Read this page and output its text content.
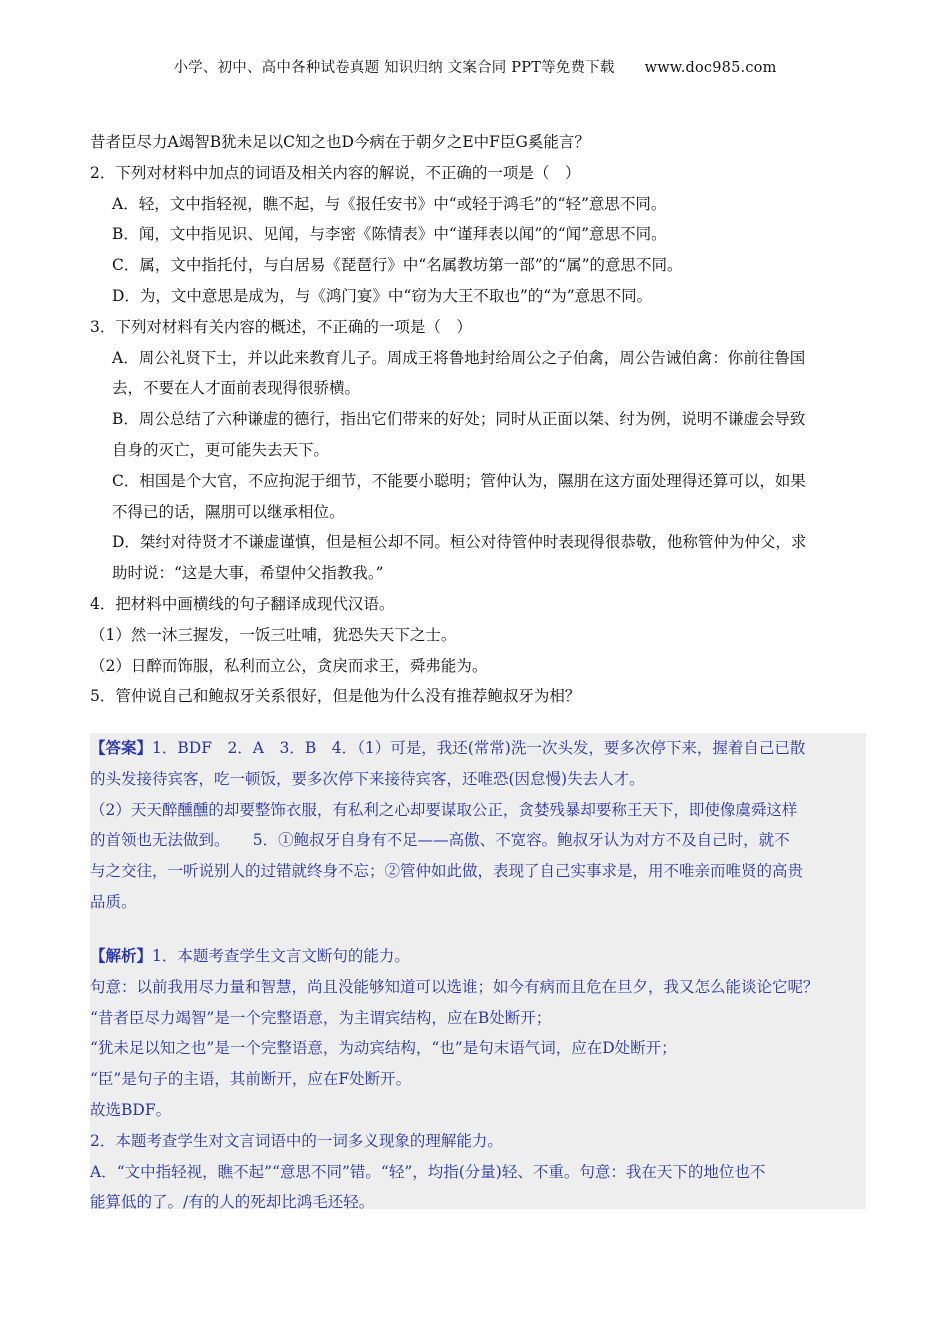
小学、初中、高中各种试卷真题 知识归纳 文案合同 PPT等免费下载 www.doc985.com
昔者臣尽力A竭智B犹未足以C知之也D今病在于朝夕之E中F臣G奚能言？
2．下列对材料中加点的词语及相关内容的解说，不正确的一项是（　）
A．轻，文中指轻视，瞧不起，与《报任安书》中“或轻于鸿毛”的“轻”意思不同。
B．闻，文中指见识、见闻，与李密《陈情表》中“谨拜表以闻”的“闻”意思不同。
C．属，文中指托付，与白居易《琵琶行》中“名属教坊第一部”的“属”的意思不同。
D．为，文中意思是成为，与《鸿门宴》中“窃为大王不取也”的“为”意思不同。
3．下列对材料有关内容的概述，不正确的一项是（　）
A．周公礼贤下士，并以此来教育儿子。周成王将鲁地封给周公之子伯禽，周公告诫伯禽：你前往鲁国
去，不要在人才面前表现得很骄横。
B．周公总结了六种谦虚的德行，指出它们带来的好处；同时从正面以桀、纣为例，说明不谦虚会导致
自身的灭亡，更可能失去天下。
C．相国是个大官，不应拘泥于细节，不能要小聪明；管仲认为，隰朋在这方面处理得还算可以，如果
不得已的话，隰朋可以继承相位。
D．桀纣对待贤才不谦虚谨慎，但是桓公却不同。桓公对待管仲时表现得很恭敬，他称管仲为仲父，求
助时说：“这是大事，希望仲父指教我。”
4．把材料中画横线的句子翻译成现代汉语。
（1）然一沐三握发，一饭三吐哺，犹恐失天下之士。
（2）日醉而饰服，私利而立公，贪戾而求王，舜弗能为。
5．管仲说自己和鲍叔牙关系很好，但是他为什么没有推荐鲍叔牙为相？
【答案】1．BDF　2．A　3．B　4．（1）可是，我还(常常)洗一次头发，要多次停下来，握着自己已散
的头发接待宾客，吃一顿饭，要多次停下来接待宾客，还唯恐(因怠慢)失去人才。
（2）天天醉醺醺的却要整饰衣服，有私利之心却要谋取公正，贪婪残暴却要称王天下，即使像虞舜这样
的首领也无法做到。　　5．①鲍叔牙自身有不足——高傲、不宽容。鲍叔牙认为对方不及自己时，就不
与之交往，一听说别人的过错就终身不忘；②管仲如此做，表现了自己实事求是，用不唯亲而唯贤的高贵
品质。
【解析】1．本题考查学生文言文断句的能力。
句意：以前我用尽力量和智慧，尚且没能够知道可以选谁；如今有病而且危在旦夕，我又怎么能谈论它呢？
“昔者臣尽力竭智”是一个完整语意，为主谓宾结构，应在B处断开；
“犹未足以知之也”是一个完整语意，为动宾结构，“也”是句末语气词，应在D处断开；
“臣”是句子的主语，其前断开，应在F处断开。
故选BDF。
2．本题考查学生对文言词语中的一词多义现象的理解能力。
A．“文中指轻视，瞧不起”“意思不同”错。“轻”，均指(分量)轻、不重。句意：我在天下的地位也不
能算低的了。/有的人的死却比鸿毛还轻。
